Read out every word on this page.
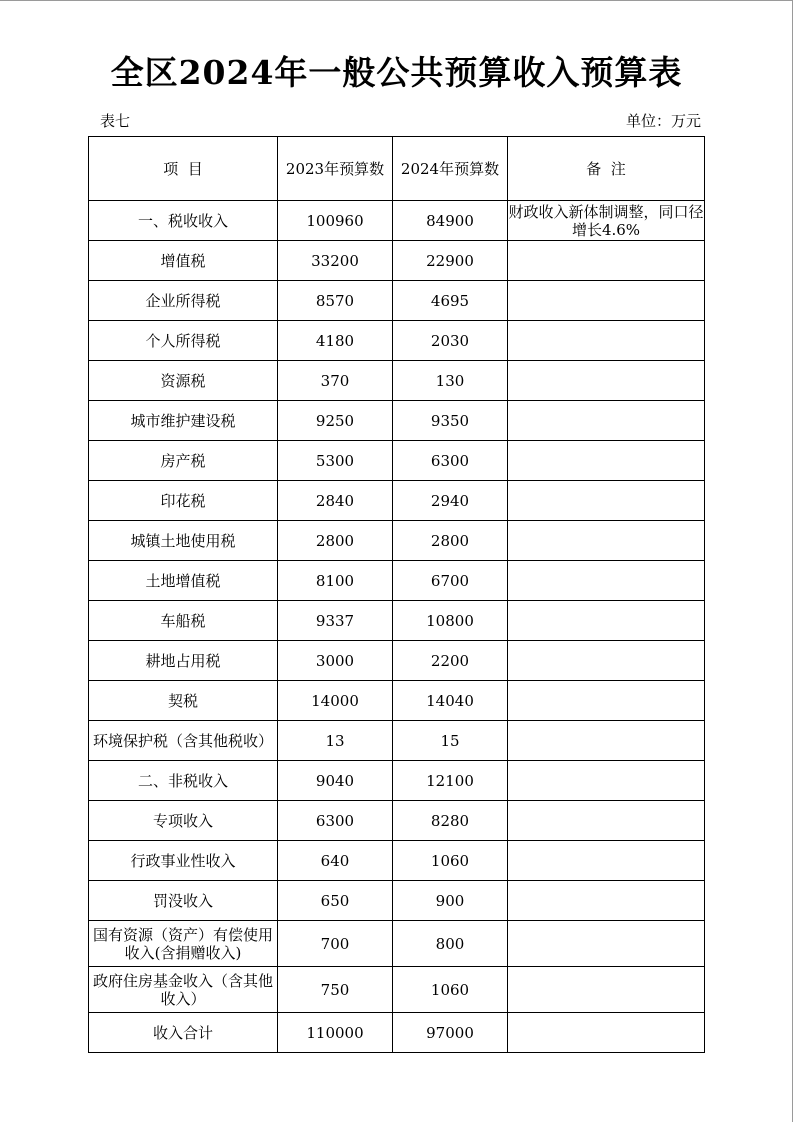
全区2024年一般公共预算收入预算表
表七	单位：万元
项  目	2023年预算数	2024年预算数	备  注
一、税收收入	100960	84900	财政收入新体制调整，同口径增长4.6%
增值税	33200	22900	
企业所得税	8570	4695	
个人所得税	4180	2030	
资源税	370	130	
城市维护建设税	9250	9350	
房产税	5300	6300	
印花税	2840	2940	
城镇土地使用税	2800	2800	
土地增值税	8100	6700	
车船税	9337	10800	
耕地占用税	3000	2200	
契税	14000	14040	
环境保护税（含其他税收）	13	15	
二、非税收入	9040	12100	
专项收入	6300	8280	
行政事业性收入	640	1060	
罚没收入	650	900	
国有资源（资产）有偿使用收入(含捐赠收入)	700	800	
政府住房基金收入（含其他收入）	750	1060	
收入合计	110000	97000	
